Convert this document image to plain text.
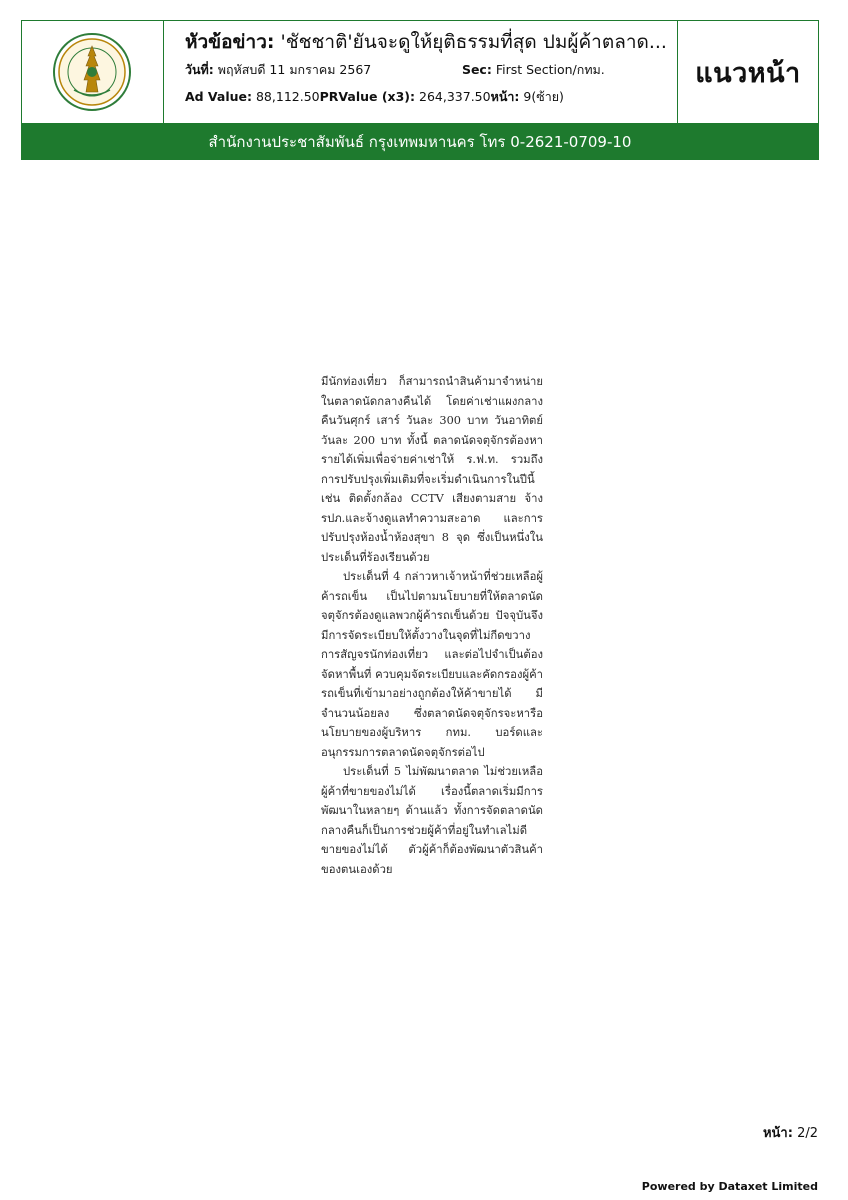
หัวข้อข่าว: 'ชัชชาติ'ยันจะดูให้ยุติธรรมที่สุด ปมผู้ค้าตลาด...
วันที่: พฤหัสบดี 11 มกราคม 2567	Sec: First Section/กทม.
Ad Value: 88,112.50PRValue (x3): 264,337.50หน้า: 9(ซ้าย)
แนวหน้า
สำนักงานประชาสัมพันธ์ กรุงเทพมหานคร โทร 0-2621-0709-10

มีนักท่องเที่ยว ก็สามารถนำสินค้ามาจำหน่ายในตลาดนัดกลางคืนได้ โดยค่าเช่าแผงกลางคืนวันศุกร์ เสาร์ วันละ 300 บาท วันอาทิตย์ วันละ 200 บาท ทั้งนี้ ตลาดนัดจตุจักรต้องหารายได้เพิ่มเพื่อจ่ายค่าเช่าให้ ร.ฟ.ท. รวมถึงการปรับปรุงเพิ่มเติมที่จะเริ่มดำเนินการในปีนี้ เช่น ติดตั้งกล้อง CCTV เสียงตามสาย จ้างรปภ.และจ้างดูแลทำความสะอาด และการปรับปรุงห้องน้ำห้องสุขา 8 จุด ซึ่งเป็นหนึ่งในประเด็นที่ร้องเรียนด้วย

ประเด็นที่ 4 กล่าวหาเจ้าหน้าที่ช่วยเหลือผู้ค้ารถเข็น เป็นไปตามนโยบายที่ให้ตลาดนัดจตุจักรต้องดูแลพวกผู้ค้ารถเข็นด้วย ปัจจุบันจึงมีการจัดระเบียบให้ตั้งวางในจุดที่ไม่กีดขวางการสัญจรนักท่องเที่ยว และต่อไปจำเป็นต้องจัดหาพื้นที่ ควบคุมจัดระเบียบและคัดกรองผู้ค้ารถเข็นที่เข้ามาอย่างถูกต้องให้ค้าขายได้ มีจำนวนน้อยลง ซึ่งตลาดนัดจตุจักรจะหารือนโยบายของผู้บริหาร กทม. บอร์ดและอนุกรรมการตลาดนัดจตุจักรต่อไป

ประเด็นที่ 5 ไม่พัฒนาตลาด ไม่ช่วยเหลือผู้ค้าที่ขายของไม่ได้ เรื่องนี้ตลาดเริ่มมีการพัฒนาในหลายๆ ด้านแล้ว ทั้งการจัดตลาดนัดกลางคืนก็เป็นการช่วยผู้ค้าที่อยู่ในทำเลไม่ดีขายของไม่ได้ ตัวผู้ค้าก็ต้องพัฒนาตัวสินค้าของตนเองด้วย

หน้า: 2/2
Powered by Dataxet Limited
